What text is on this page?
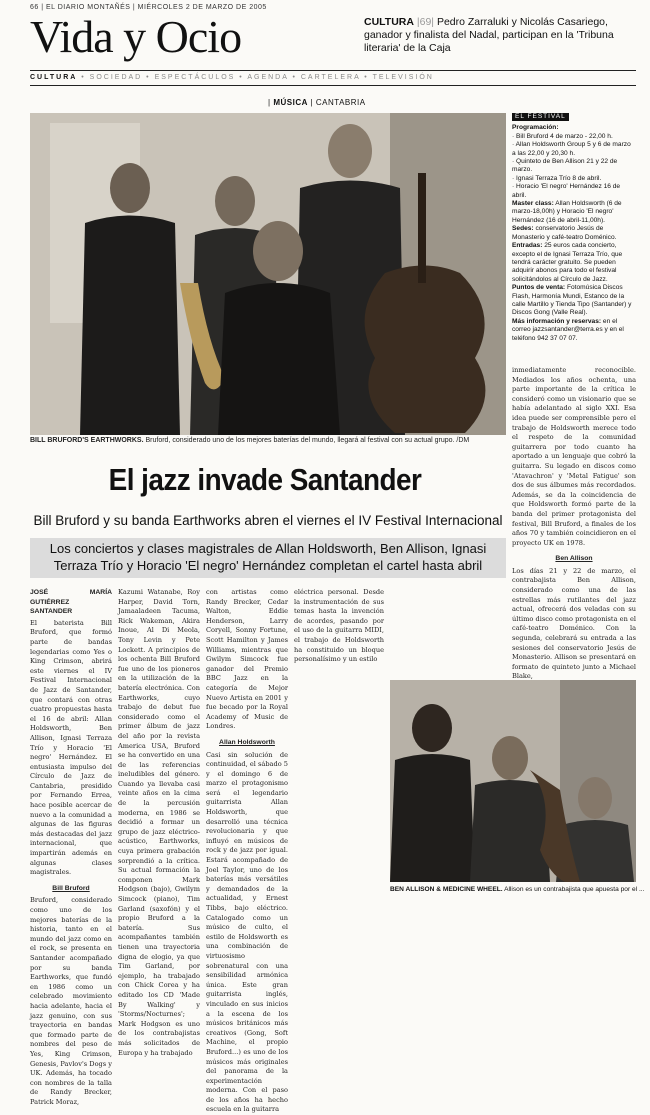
66 | EL DIARIO MONTAÑÉS | MIÉRCOLES 2 DE MARZO DE 2005
Vida y Ocio	CULTURA |69| Pedro Zarraluki y Nicolás Casariego, ganador y finalista del Nadal, participan en la 'Tribuna literaria' de la Caja
CULTURA • SOCIEDAD • ESPECTÁCULOS • AGENDA • CARTELERA • TELEVISIÓN
| MÚSICA | CANTABRIA
BILL BRUFORD'S EARTHWORKS. Bruford, considerado uno de los mejores baterías del mundo, llegará al festival con su actual grupo. /DM
EL FESTIVAL
Programación:
· Bill Bruford 4 de marzo - 22,00 h.
· Allan Holdsworth Group 5 y 6 de marzo a las 22,00 y 20,30 h.
· Quinteto de Ben Allison 21 y 22 de marzo.
· Ignasi Terraza Trío 8 de abril.
· Horacio 'El negro' Hernández 16 de abril.
Master class: Allan Holdsworth (6 de marzo-18,00h) y Horacio 'El negro' Hernández (16 de abril-11,00h).
Sedes: conservatorio Jesús de Monasterio y café-teatro Doménico.
Entradas: 25 euros cada concierto, excepto el de Ignasi Terraza Trío, que tendrá carácter gratuito. Se pueden adquirir abonos para todo el festival solicitándolos al Círculo de Jazz.
Puntos de venta: Fotomúsica Discos Flash, Harmonía Mundi, Estanco de la calle Martillo y Tienda Tipo (Santander) y Discos Gong (Valle Real).
Más información y reservas: en el correo jazzsantander@terra.es y en el teléfono 942 37 07 07.
El jazz invade Santander
Bill Bruford y su banda Earthworks abren el viernes el IV Festival Internacional
Los conciertos y clases magistrales de Allan Holdsworth, Ben Allison, Ignasi Terraza Trío y Horacio 'El negro' Hernández completan el cartel hasta abril
JOSÉ MARÍA GUTIÉRREZ SANTANDER
El baterista Bill Bruford, que formó parte de bandas legendarias como Yes o King Crimson, abrirá este viernes el IV Festival Internacional de Jazz de Santander, que contará con otras cuatro propuestas hasta el 16 de abril: Allan Holdsworth, Ben Allison, Ignasi Terraza Trío y Horacio 'El negro' Hernández. El entusiasta impulso del Círculo de Jazz de Cantabria, presidido por Fernando Errea, hace posible acercar de nuevo a la comunidad a algunas de las figuras más destacadas del jazz internacional, que impartirán además en algunas clases magistrales.
Bill Bruford
Bruford, considerado como uno de los mejores baterías de la historia, tanto en el mundo del jazz como en el rock, se presenta en Santander acompañado por su banda Earthworks, que fundó en 1986 como un celebrado movimiento hacia adelante, hacia el jazz genuino, con sus trayectoria en bandas que formado parte de nombres del peso de Yes, King Crimson, Genesis, Pavlov's Dogs y UK. Además, ha tocado con nombres de la talla de Randy Brecker, Patrick Moraz,
Kazumi Watanabe, Roy Harper, David Torn, Jamaaladeen Tacuma, Rick Wakeman, Akira Inoue, Al Di Meola, Tony Levin y Pete Lockett. A principios de los ochenta Bill Bruford fue uno de los pioneros en la utilización de la batería electrónica. Con Earthworks, cuyo trabajo de debut fue considerado como el primer álbum de jazz del año por la revista America USA, Bruford se ha convertido en una de las referencias ineludibles del género. Cuando ya llevaba casi veinte años en la cima de la percusión moderna, en 1986 se decidió a formar un grupo de jazz eléctrico-acústico, Earthworks, cuya primera grabación sorprendió a la crítica. Su actual formación la componen Mark Hodgson (bajo), Gwilym Simcock (piano), Tim Garland (saxofón) y el propio Bruford a la batería. Sus acompañantes también tienen una trayectoria digna de elogio, ya que Tim Garland, por ejemplo, ha trabajado con Chick Corea y ha editado los CD 'Made By Walking' y 'Storms/Nocturnes'; Mark Hodgson es uno de los contrabajistas más solicitados de Europa y ha trabajado
con artistas como Randy Brecker, Cedar Walton, Eddie Henderson, Larry Coryell, Sonny Fortune, Scott Hamilton y James Williams, mientras que Gwilym Simcock fue ganador del Premio BBC Jazz en la categoría de Mejor Nuevo Artista en 2001 y fue becado por la Royal Academy of Music de Londres.
Allan Holdsworth
Casi sin solución de continuidad, el sábado 5 y el domingo 6 de marzo el protagonismo será el legendario guitarrista Allan Holdsworth, que desarrolló una técnica revolucionaria y que influyó en músicos de rock y de jazz por igual. Estará acompañado de Joel Taylor, uno de los baterías más versátiles y demandados de la actualidad, y Ernest Tibbs, bajo eléctrico. Catalogado como un músico de culto, el estilo de Holdsworth es una combinación de virtuosismo sobrenatural con una sensibilidad armónica única. Este gran guitarrista inglés, vinculado en sus inicios a la escena de los músicos británicos más creativos (Gong, Soft Machine, el propio Bruford...) es uno de los músicos más originales del panorama de la experimentación moderna. Con el paso de los años ha hecho escuela en la guitarra
eléctrica personal. Desde la instrumentación de sus temas hasta la invención de acordes, pasando por el uso de la guitarra MIDI, el trabajo de Holdsworth ha constituido un bloque personalísimo y un estilo
inmediatamente reconocible. Mediados los años ochenta, una parte importante de la crítica le consideró como un visionario que se había adelantado al siglo XXI. Esa idea puede ser comprensible pero el trabajo de Holdsworth merece todo el respeto de la comunidad guitarrera por todo cuanto ha aportado a un lenguaje que cobró la guitarra. Su legado en discos como 'Atavachron' y 'Metal Fatigue' son dos de sus álbumes más recordados. Además, se da la coincidencia de que Holdsworth formó parte de la banda del primer protagonista del festival, Bill Bruford, a finales de los años 70 y también coincidieron en el proyecto UK en 1978.
Ben Allison
Los días 21 y 22 de marzo, el contrabajista Ben Allison, considerado como una de las estrellas más rutilantes del jazz actual, ofrecerá dos veladas con su último disco como protagonista en el café-teatro Doménico. Con la segunda, celebrará su entrada a las sesiones del conservatorio Jesús de Monasterio. Allison se presentará en formato de quinteto junto a Michael Blake,
BEN ALLISON & MEDICINE WHEEL. Allison es un contrabajista que apuesta por el ...
